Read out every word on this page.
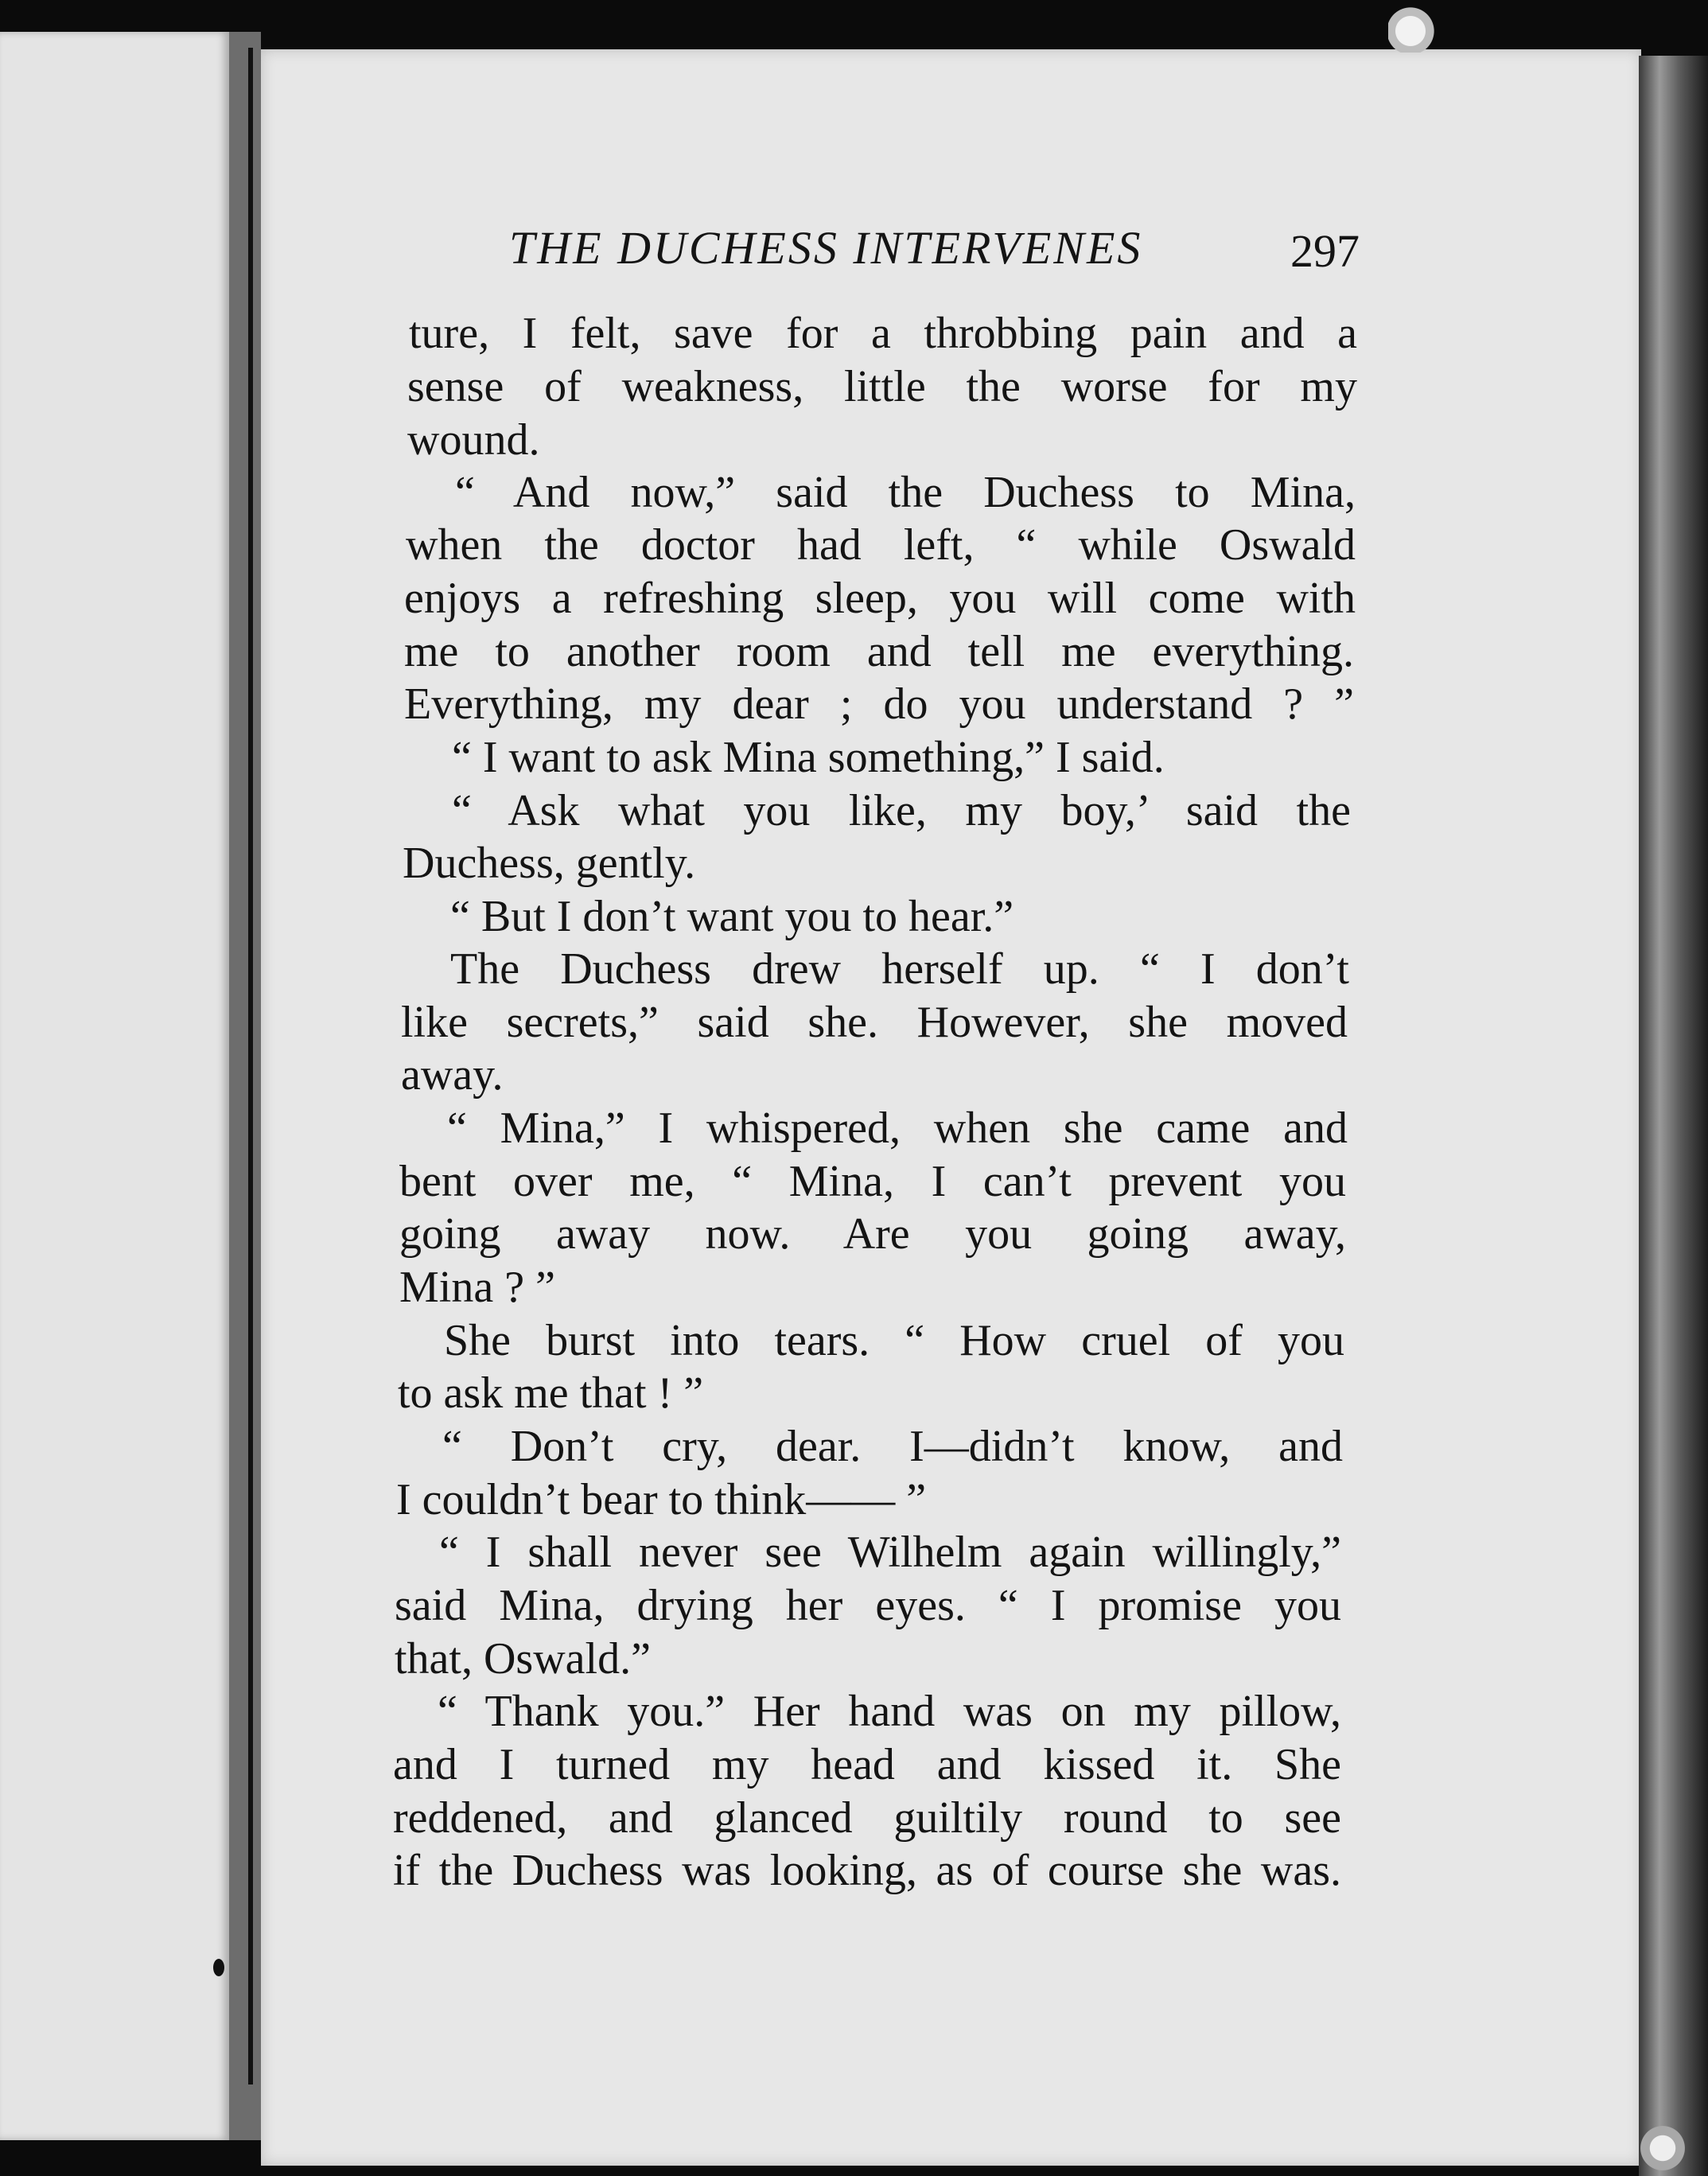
THE DUCHESS INTERVENES	297
ture, I felt, save for a throbbing pain and a
sense of weakness, little the worse for my
wound.
“ And now,” said the Duchess to Mina,
when the doctor had left, “ while Oswald
enjoys a refreshing sleep, you will come with
me to another room and tell me everything.
Everything, my dear ; do you understand ? ”
“ I want to ask Mina something,” I said.
“ Ask what you like, my boy,’ said the
Duchess, gently.
“ But I don’t want you to hear.”
The Duchess drew herself up. “ I don’t
like secrets,” said she. However, she moved
away.
“ Mina,” I whispered, when she came and
bent over me, “ Mina, I can’t prevent you
going away now. Are you going away,
Mina ? ”
She burst into tears. “ How cruel of you
to ask me that ! ”
“ Don’t cry, dear. I—didn’t know, and
I couldn’t bear to think—— ”
“ I shall never see Wilhelm again willingly,”
said Mina, drying her eyes. “ I promise you
that, Oswald.”
“ Thank you.” Her hand was on my pillow,
and I turned my head and kissed it. She
reddened, and glanced guiltily round to see
if the Duchess was looking, as of course she was.
